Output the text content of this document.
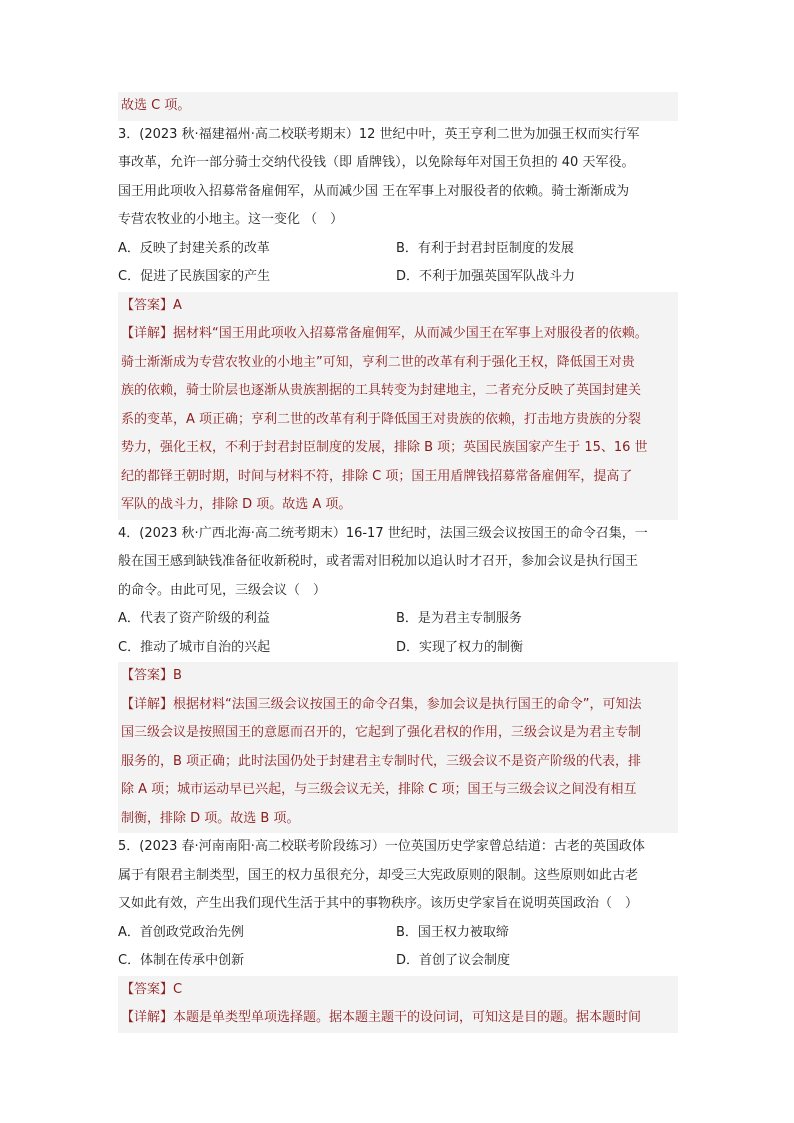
故选 C 项。
3．(2023 秋·福建福州·高二校联考期末）12 世纪中叶，英王亨利二世为加强王权而实行军
事改革，允许一部分骑士交纳代役钱（即 盾牌钱），以免除每年对国王负担的 40 天军役。
国王用此项收入招募常备雇佣军，从而减少国 王在军事上对服役者的依赖。骑士渐渐成为
专营农牧业的小地主。这一变化 （　）
A．反映了封建关系的改革	B．有利于封君封臣制度的发展
C．促进了民族国家的产生	D．不利于加强英国军队战斗力
【答案】A
【详解】据材料“国王用此项收入招募常备雇佣军，从而减少国王在军事上对服役者的依赖。
骑士渐渐成为专营农牧业的小地主”可知，亨利二世的改革有利于强化王权，降低国王对贵
族的依赖，骑士阶层也逐渐从贵族割据的工具转变为封建地主，二者充分反映了英国封建关
系的变革，A 项正确；亨利二世的改革有利于降低国王对贵族的依赖，打击地方贵族的分裂
势力，强化王权，不利于封君封臣制度的发展，排除 B 项；英国民族国家产生于 15、16 世
纪的都铎王朝时期，时间与材料不符，排除 C 项；国王用盾牌钱招募常备雇佣军，提高了
军队的战斗力，排除 D 项。故选 A 项。
4．(2023 秋·广西北海·高二统考期末）16-17 世纪时，法国三级会议按国王的命令召集，一
般在国王感到缺钱准备征收新税时，或者需对旧税加以追认时才召开，参加会议是执行国王
的命令。由此可见，三级会议（　）
A．代表了资产阶级的利益	B．是为君主专制服务
C．推动了城市自治的兴起	D．实现了权力的制衡
【答案】B
【详解】根据材料“法国三级会议按国王的命令召集，参加会议是执行国王的命令”，可知法
国三级会议是按照国王的意愿而召开的，它起到了强化君权的作用，三级会议是为君主专制
服务的，B 项正确；此时法国仍处于封建君主专制时代，三级会议不是资产阶级的代表，排
除 A 项；城市运动早已兴起，与三级会议无关，排除 C 项；国王与三级会议之间没有相互
制衡，排除 D 项。故选 B 项。
5．(2023 春·河南南阳·高二校联考阶段练习）一位英国历史学家曾总结道：古老的英国政体
属于有限君主制类型，国王的权力虽很充分，却受三大宪政原则的限制。这些原则如此古老
又如此有效，产生出我们现代生活于其中的事物秩序。该历史学家旨在说明英国政治（　）
A．首创政党政治先例	B．国王权力被取缔
C．体制在传承中创新	D．首创了议会制度
【答案】C
【详解】本题是单类型单项选择题。据本题主题干的设问词，可知这是目的题。据本题时间
